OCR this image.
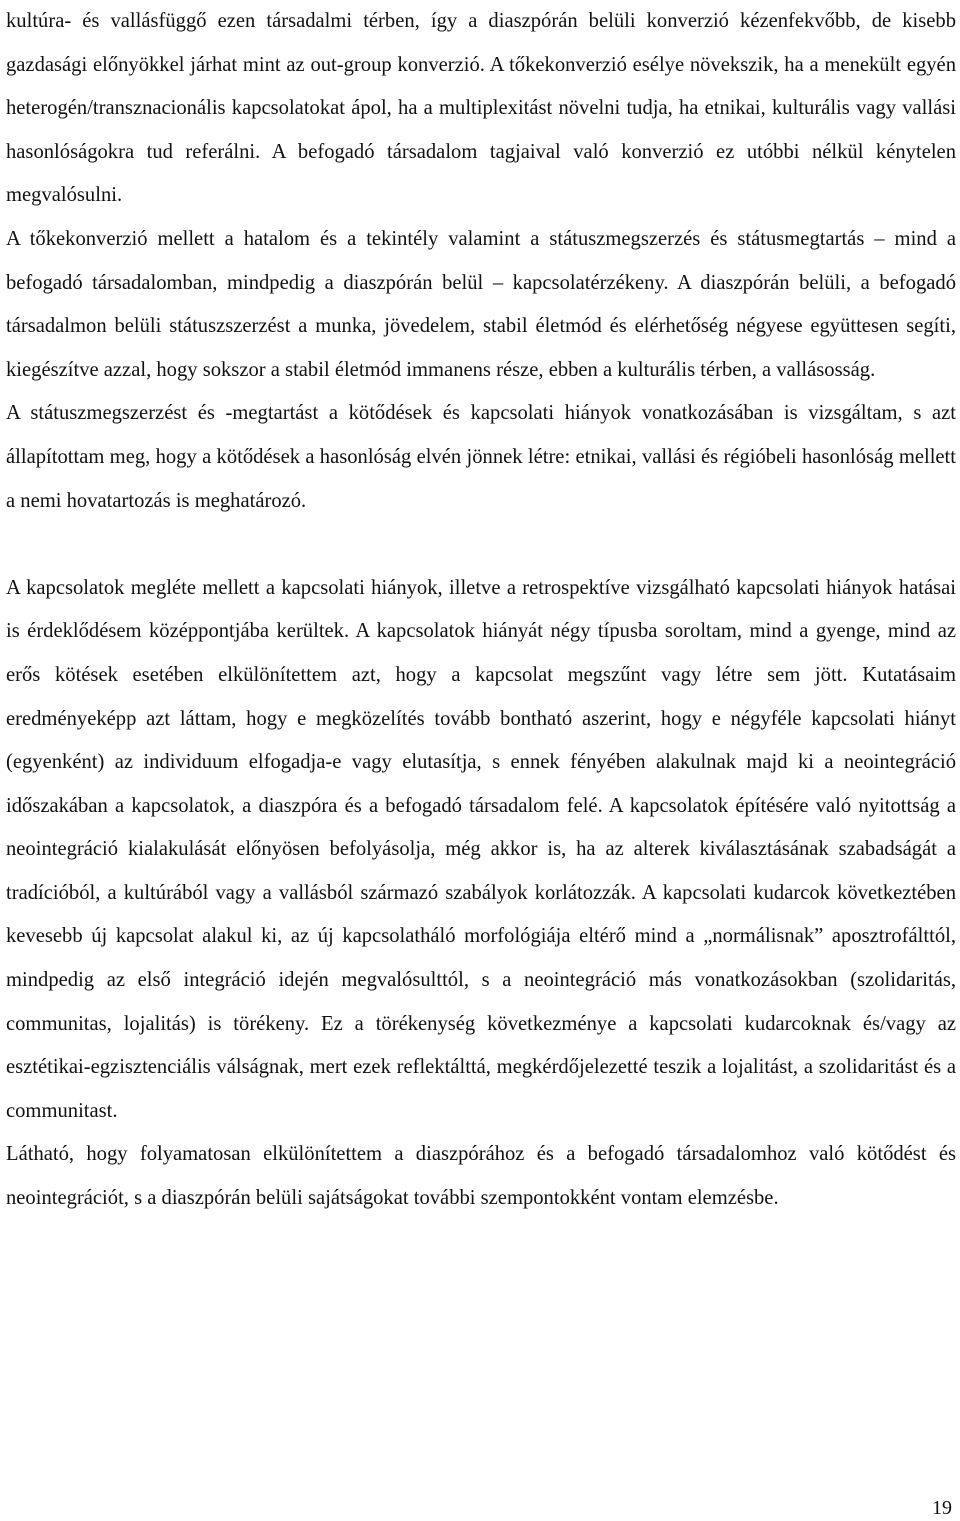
kultúra- és vallásfüggő ezen társadalmi térben, így a diaszpórán belüli konverzió kézenfekvőbb, de kisebb gazdasági előnyökkel járhat mint az out-group konverzió. A tőkekonverzió esélye növekszik, ha a menekült egyén heterogén/transznacionális kapcsolatokat ápol, ha a multiplexitást növelni tudja, ha etnikai, kulturális vagy vallási hasonlóságokra tud referálni. A befogadó társadalom tagjaival való konverzió ez utóbbi nélkül kénytelen megvalósulni.

A tőkekonverzió mellett a hatalom és a tekintély valamint a státuszmegszerzés és státusmegtartás – mind a befogadó társadalomban, mindpedig a diaszpórán belül – kapcsolatérzékeny. A diaszpórán belüli, a befogadó társadalmon belüli státuszszerzést a munka, jövedelem, stabil életmód és elérhetőség négyese együttesen segíti, kiegészítve azzal, hogy sokszor a stabil életmód immanens része, ebben a kulturális térben, a vallásosság.

A státuszmegszerzést és -megtartást a kötődések és kapcsolati hiányok vonatkozásában is vizsgáltam, s azt állapítottam meg, hogy a kötődések a hasonlóság elvén jönnek létre: etnikai, vallási és régióbeli hasonlóság mellett a nemi hovatartozás is meghatározó.

A kapcsolatok megléte mellett a kapcsolati hiányok, illetve a retrospektíve vizsgálható kapcsolati hiányok hatásai is érdeklődésem középpontjába kerültek. A kapcsolatok hiányát négy típusba soroltam, mind a gyenge, mind az erős kötések esetében elkülönítettem azt, hogy a kapcsolat megszűnt vagy létre sem jött. Kutatásaim eredményeképp azt láttam, hogy e megközelítés tovább bontható aszerint, hogy e négyféle kapcsolati hiányt (egyenként) az individuum elfogadja-e vagy elutasítja, s ennek fényében alakulnak majd ki a neointegráció időszakában a kapcsolatok, a diaszpóra és a befogadó társadalom felé. A kapcsolatok építésére való nyitottság a neointegráció kialakulását előnyösen befolyásolja, még akkor is, ha az alterek kiválasztásának szabadságát a tradícióból, a kultúrából vagy a vallásból származó szabályok korlátozzák. A kapcsolati kudarcok következtében kevesebb új kapcsolat alakul ki, az új kapcsolatháló morfológiája eltérő mind a „normálisnak” aposztrofálttól, mindpedig az első integráció idején megvalósulttól, s a neointegráció más vonatkozásokban (szolidaritás, communitas, lojalitás) is törékeny. Ez a törékenység következménye a kapcsolati kudarcoknak és/vagy az esztétikai-egzisztenciális válságnak, mert ezek reflektálttá, megkérdőjelezetté teszik a lojalitást, a szolidaritást és a communitast.

Látható, hogy folyamatosan elkülönítettem a diaszpórához és a befogadó társadalomhoz való kötődést és neointegrációt, s a diaszpórán belüli sajátságokat további szempontokként vontam elemzésbe.

19
